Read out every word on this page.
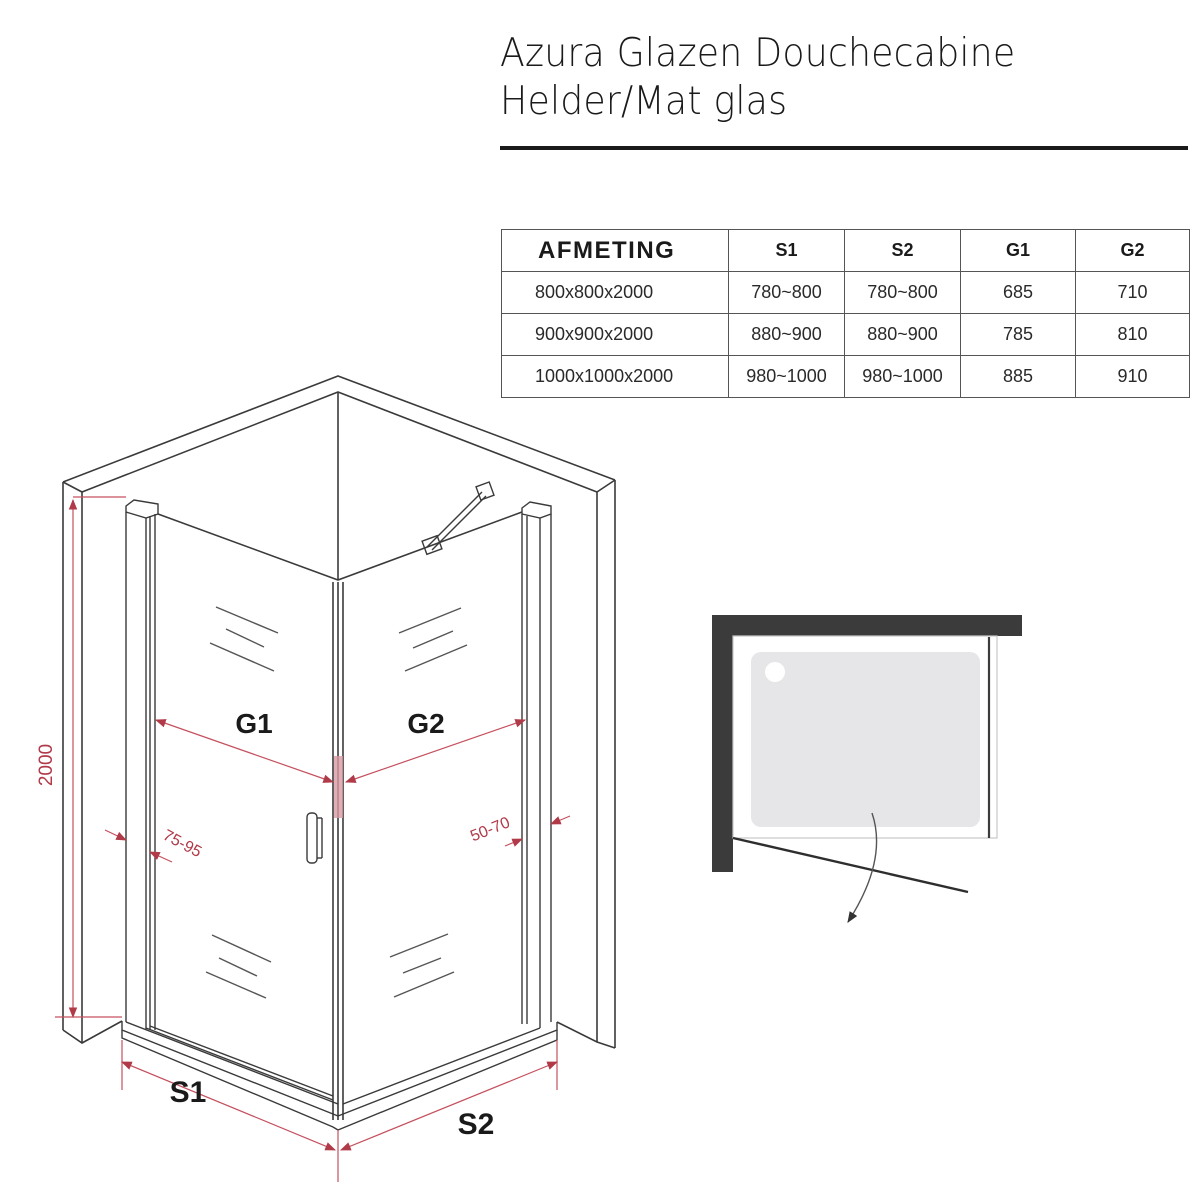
Azura Glazen Douchecabine
Helder/Mat glas
AFMETING	S1	S2	G1	G2
800x800x2000	780~800	780~800	685	710
900x900x2000	880~900	880~900	785	810
1000x1000x2000	980~1000	980~1000	885	910
G1	G2
S1
S2
2000
75-95	50-70
